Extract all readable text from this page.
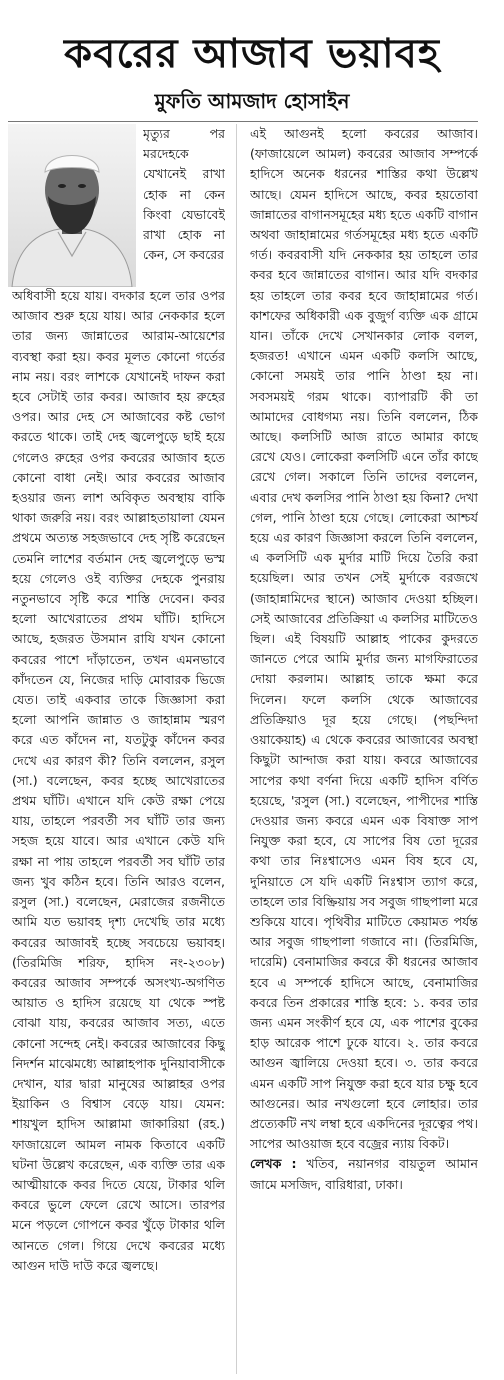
কবরের আজাব ভয়াবহ
মুফতি আমজাদ হোসাইন
মৃত্যুর পর মরদেহকে যেখানেই রাখা হোক না কেন কিংবা যেভাবেই রাখা হোক না কেন, সে কবরের
অধিবাসী হয়ে যায়। বদকার হলে তার ওপর আজাব শুরু হয়ে যায়। আর নেককার হলে তার জন্য জান্নাতের আরাম-আয়েশের ব্যবস্থা করা হয়। কবর মূলত কোনো গর্তের নাম নয়। বরং লাশকে যেখানেই দাফন করা হবে সেটাই তার কবর। আজাব হয় রুহের ওপর। আর দেহ সে আজাবের কষ্ট ভোগ করতে থাকে। তাই দেহ জ্বলেপুড়ে ছাই হয়ে গেলেও রুহের ওপর কবরের আজাব হতে কোনো বাধা নেই। আর কবরের আজাব হওয়ার জন্য লাশ অবিকৃত অবস্থায় বাকি থাকা জরুরি নয়। বরং আল্লাহতায়ালা যেমন প্রথমে অত্যন্ত সহজভাবে দেহ সৃষ্টি করেছেন তেমনি লাশের বর্তমান দেহ জ্বলেপুড়ে ভস্ম হয়ে গেলেও ওই ব্যক্তির দেহকে পুনরায় নতুনভাবে সৃষ্টি করে শাস্তি দেবেন। কবর হলো আখেরাতের প্রথম ঘাঁটি। হাদিসে আছে, হজরত উসমান রাযি যখন কোনো কবরের পাশে দাঁড়াতেন, তখন এমনভাবে কাঁদতেন যে, নিজের দাড়ি মোবারক ভিজে যেত। তাই একবার তাকে জিজ্ঞাসা করা হলো আপনি জান্নাত ও জাহান্নাম স্মরণ করে এত কাঁদেন না, যতটুকু কাঁদেন কবর দেখে এর কারণ কী? তিনি বললেন, রসুল (সা.) বলেছেন, কবর হচ্ছে আখেরাতের প্রথম ঘাঁটি। এখানে যদি কেউ রক্ষা পেয়ে যায়, তাহলে পরবর্তী সব ঘাঁটি তার জন্য সহজ হয়ে যাবে। আর এখানে কেউ যদি রক্ষা না পায় তাহলে পরবর্তী সব ঘাঁটি তার জন্য খুব কঠিন হবে। তিনি আরও বলেন, রসুল (সা.) বলেছেন, মেরাজের রজনীতে আমি যত ভয়াবহ দৃশ্য দেখেছি তার মধ্যে কবরের আজাবই হচ্ছে সবচেয়ে ভয়াবহ। (তিরমিজি শরিফ, হাদিস নং-২৩০৮) কবরের আজাব সম্পর্কে অসংখ্য-অগণিত আয়াত ও হাদিস রয়েছে যা থেকে স্পষ্ট বোঝা যায়, কবরের আজাব সত্য, এতে কোনো সন্দেহ নেই। কবরের আজাবের কিছু নিদর্শন মাঝেমধ্যে আল্লাহপাক দুনিয়াবাসীকে দেখান, যার দ্বারা মানুষের আল্লাহর ওপর ইয়াকিন ও বিশ্বাস বেড়ে যায়। যেমন: শায়খুল হাদিস আল্লামা জাকারিয়া (রহ.) ফাজায়েলে আমল নামক কিতাবে একটি ঘটনা উল্লেখ করেছেন, এক ব্যক্তি তার এক আত্মীয়াকে কবর দিতে যেয়ে, টাকার থলি কবরে ভুলে ফেলে রেখে আসে। তারপর মনে পড়লে গোপনে কবর খুঁড়ে টাকার থলি আনতে গেল। গিয়ে দেখে কবরের মধ্যে আগুন দাউ দাউ করে জ্বলছে।
এই আগুনই হলো কবরের আজাব। (ফাজায়েলে আমল) কবরের আজাব সম্পর্কে হাদিসে অনেক ধরনের শাস্তির কথা উল্লেখ আছে। যেমন হাদিসে আছে, কবর হয়তোবা জান্নাতের বাগানসমূহের মধ্য হতে একটি বাগান অথবা জাহান্নামের গর্তসমূহের মধ্য হতে একটি গর্ত। কবরবাসী যদি নেককার হয় তাহলে তার কবর হবে জান্নাতের বাগান। আর যদি বদকার হয় তাহলে তার কবর হবে জাহান্নামের গর্ত। কাশফের অধিকারী এক বুজুর্গ ব্যক্তি এক গ্রামে যান। তাঁকে দেখে সেখানকার লোক বলল, হজরত! এখানে এমন একটি কলসি আছে, কোনো সময়ই তার পানি ঠাণ্ডা হয় না। সবসময়ই গরম থাকে। ব্যাপারটি কী তা আমাদের বোধগম্য নয়। তিনি বললেন, ঠিক আছে। কলসিটি আজ রাতে আমার কাছে রেখে যেও। লোকেরা কলসিটি এনে তাঁর কাছে রেখে গেল। সকালে তিনি তাদের বললেন, এবার দেখ কলসির পানি ঠাণ্ডা হয় কিনা? দেখা গেল, পানি ঠাণ্ডা হয়ে গেছে। লোকেরা আশ্চর্য হয়ে এর কারণ জিজ্ঞাসা করলে তিনি বললেন, এ কলসিটি এক মুর্দার মাটি দিয়ে তৈরি করা হয়েছিল। আর তখন সেই মুর্দাকে বরজখে (জাহান্নামিদের স্থানে) আজাব দেওয়া হচ্ছিল। সেই আজাবের প্রতিক্রিয়া এ কলসির মাটিতেও ছিল। এই বিষয়টি আল্লাহ পাকের কুদরতে জানতে পেরে আমি মুর্দার জন্য মাগফিরাতের দোয়া করলাম। আল্লাহ তাকে ক্ষমা করে দিলেন। ফলে কলসি থেকে আজাবের প্রতিক্রিয়াও দূর হয়ে গেছে। (পছন্দিদা ওয়াকেয়াহ) এ থেকে কবরের আজাবের অবস্থা কিছুটা আন্দাজ করা যায়। কবরে আজাবের সাপের কথা বর্ণনা দিয়ে একটি হাদিস বর্ণিত হয়েছে, 'রসুল (সা.) বলেছেন, পাপীদের শাস্তি দেওয়ার জন্য কবরে এমন এক বিষাক্ত সাপ নিযুক্ত করা হবে, যে সাপের বিষ তো দূরের কথা তার নিঃশ্বাসেও এমন বিষ হবে যে, দুনিয়াতে সে যদি একটি নিঃশ্বাস ত্যাগ করে, তাহলে তার বিষ্ক্রিয়ায় সব সবুজ গাছপালা মরে শুকিয়ে যাবে। পৃথিবীর মাটিতে কেয়ামত পর্যন্ত আর সবুজ গাছপালা গজাবে না। (তিরমিজি, দারেমি) বেনামাজির কবরে কী ধরনের আজাব হবে এ সম্পর্কে হাদিসে আছে, বেনামাজির কবরে তিন প্রকারের শাস্তি হবে: ১. কবর তার জন্য এমন সংকীর্ণ হবে যে, এক পাশের বুকের হাড় আরেক পাশে ঢুকে যাবে। ২. তার কবরে আগুন জ্বালিয়ে দেওয়া হবে। ৩. তার কবরে এমন একটি সাপ নিযুক্ত করা হবে যার চক্ষু হবে আগুনের। আর নখগুলো হবে লোহার। তার প্রত্যেকটি নখ লম্বা হবে একদিনের দূরত্বের পথ। সাপের আওয়াজ হবে বজ্রের ন্যায় বিকট।
লেখক : খতিব, নয়ানগর বায়তুল আমান জামে মসজিদ, বারিধারা, ঢাকা।
